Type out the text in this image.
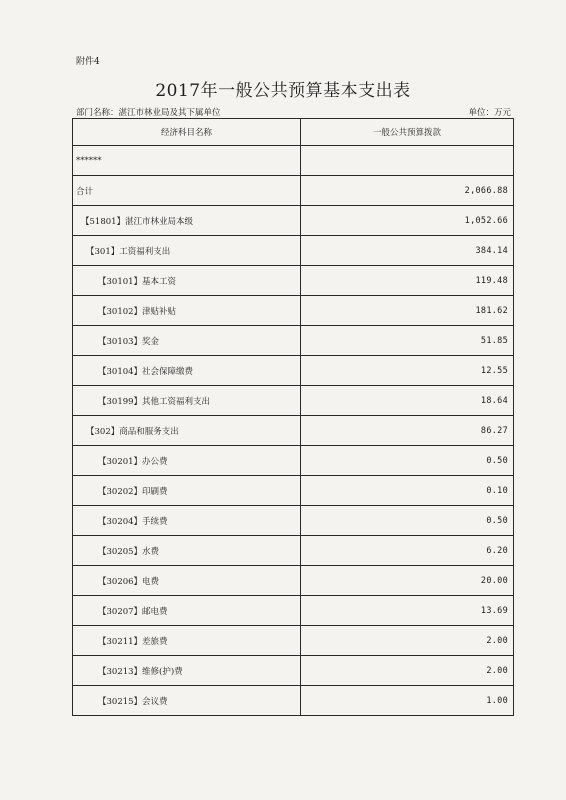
附件4
2017年一般公共预算基本支出表
部门名称：湛江市林业局及其下属单位	单位：万元
经济科目名称	一般公共预算拨款
******	
合计	2,066.88
【51801】湛江市林业局本级	1,052.66
【301】工资福利支出	384.14
【30101】基本工资	119.48
【30102】津贴补贴	181.62
【30103】奖金	51.85
【30104】社会保障缴费	12.55
【30199】其他工资福利支出	18.64
【302】商品和服务支出	86.27
【30201】办公费	0.50
【30202】印刷费	0.10
【30204】手续费	0.50
【30205】水费	6.20
【30206】电费	20.00
【30207】邮电费	13.69
【30211】差旅费	2.00
【30213】维修(护)费	2.00
【30215】会议费	1.00
